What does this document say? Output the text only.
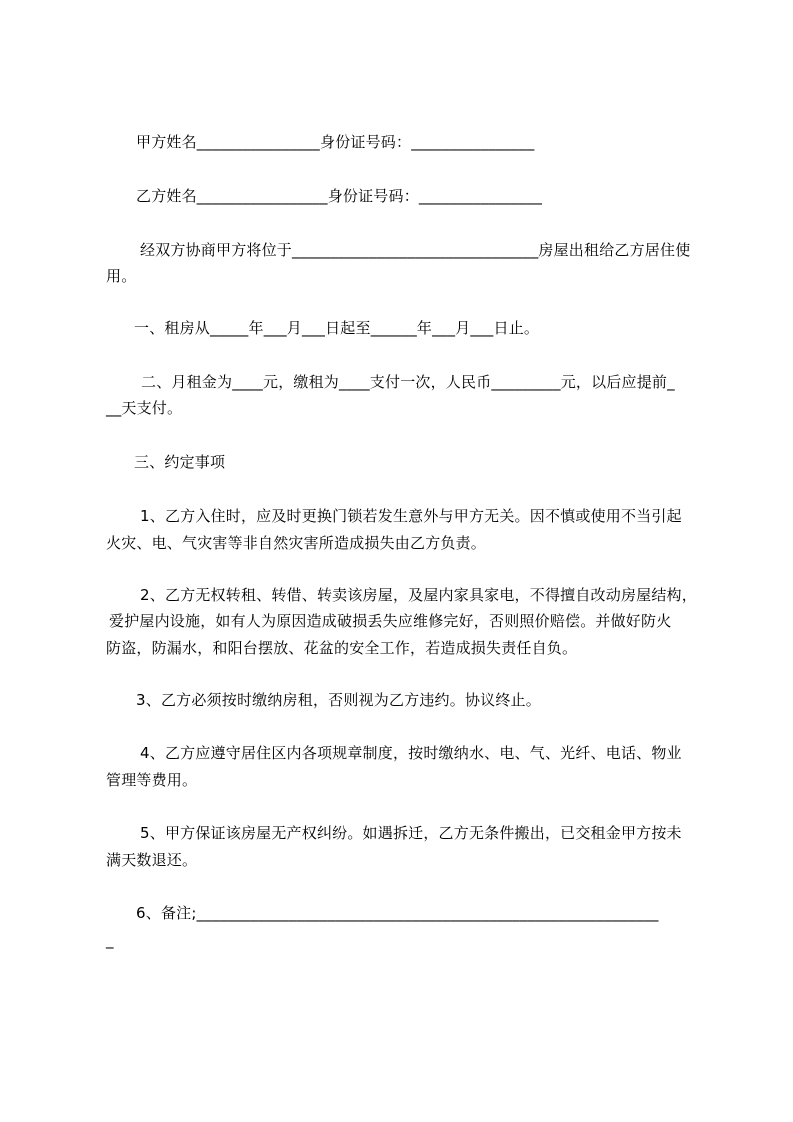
甲方姓名________________身份证号码：________________
乙方姓名_________________身份证号码：________________
经双方协商甲方将位于________________________________房屋出租给乙方居住使
用。
一、租房从_____年___月___日起至______年___月___日止。
二、月租金为____元，缴租为____支付一次，人民币_________元，以后应提前_
__天支付。
三、约定事项
1、乙方入住时，应及时更换门锁若发生意外与甲方无关。因不慎或使用不当引起
火灾、电、气灾害等非自然灾害所造成损失由乙方负责。
2、乙方无权转租、转借、转卖该房屋，及屋内家具家电，不得擅自改动房屋结构，
爱护屋内设施，如有人为原因造成破损丢失应维修完好，否则照价赔偿。并做好防火
防盗，防漏水，和阳台摆放、花盆的安全工作，若造成损失责任自负。
3、乙方必须按时缴纳房租，否则视为乙方违约。协议终止。
4、乙方应遵守居住区内各项规章制度，按时缴纳水、电、气、光纤、电话、物业
管理等费用。
5、甲方保证该房屋无产权纠纷。如遇拆迁，乙方无条件搬出，已交租金甲方按未
满天数退还。
6、备注;____________________________________________________________
_
